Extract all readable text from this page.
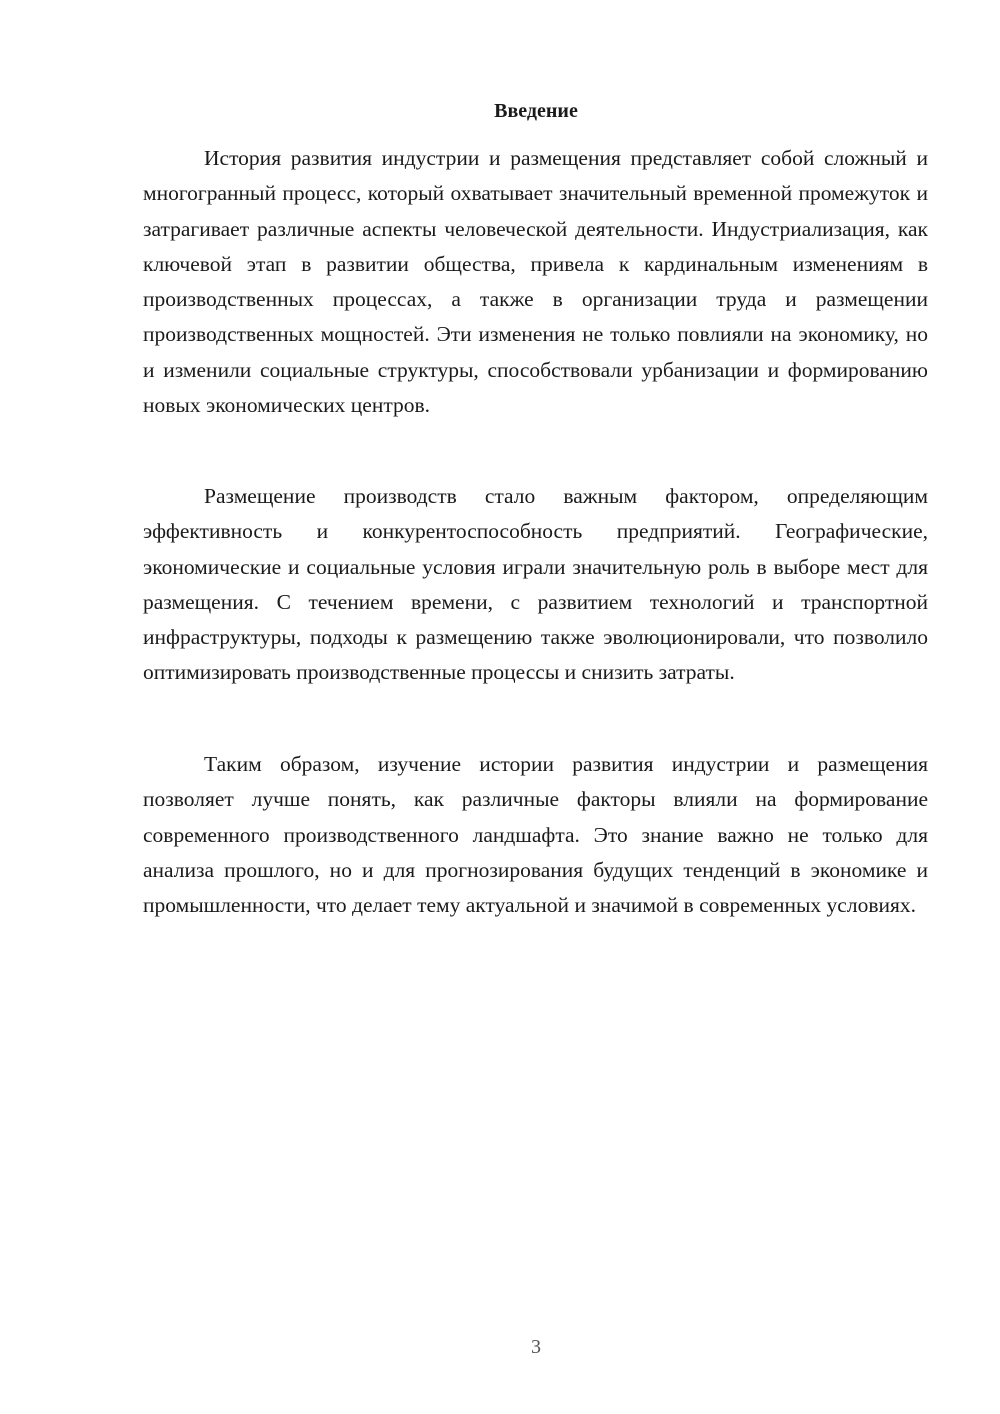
Введение

История развития индустрии и размещения представляет собой сложный и многогранный процесс, который охватывает значительный временной промежуток и затрагивает различные аспекты человеческой деятельности. Индустриализация, как ключевой этап в развитии общества, привела к кардинальным изменениям в производственных процессах, а также в организации труда и размещении производственных мощностей. Эти изменения не только повлияли на экономику, но и изменили социальные структуры, способствовали урбанизации и формированию новых экономических центров.

Размещение производств стало важным фактором, определяющим эффективность и конкурентоспособность предприятий. Географические, экономические и социальные условия играли значительную роль в выборе мест для размещения. С течением времени, с развитием технологий и транспортной инфраструктуры, подходы к размещению также эволюционировали, что позволило оптимизировать производственные процессы и снизить затраты.

Таким образом, изучение истории развития индустрии и размещения позволяет лучше понять, как различные факторы влияли на формирование современного производственного ландшафта. Это знание важно не только для анализа прошлого, но и для прогнозирования будущих тенденций в экономике и промышленности, что делает тему актуальной и значимой в современных условиях.

3
